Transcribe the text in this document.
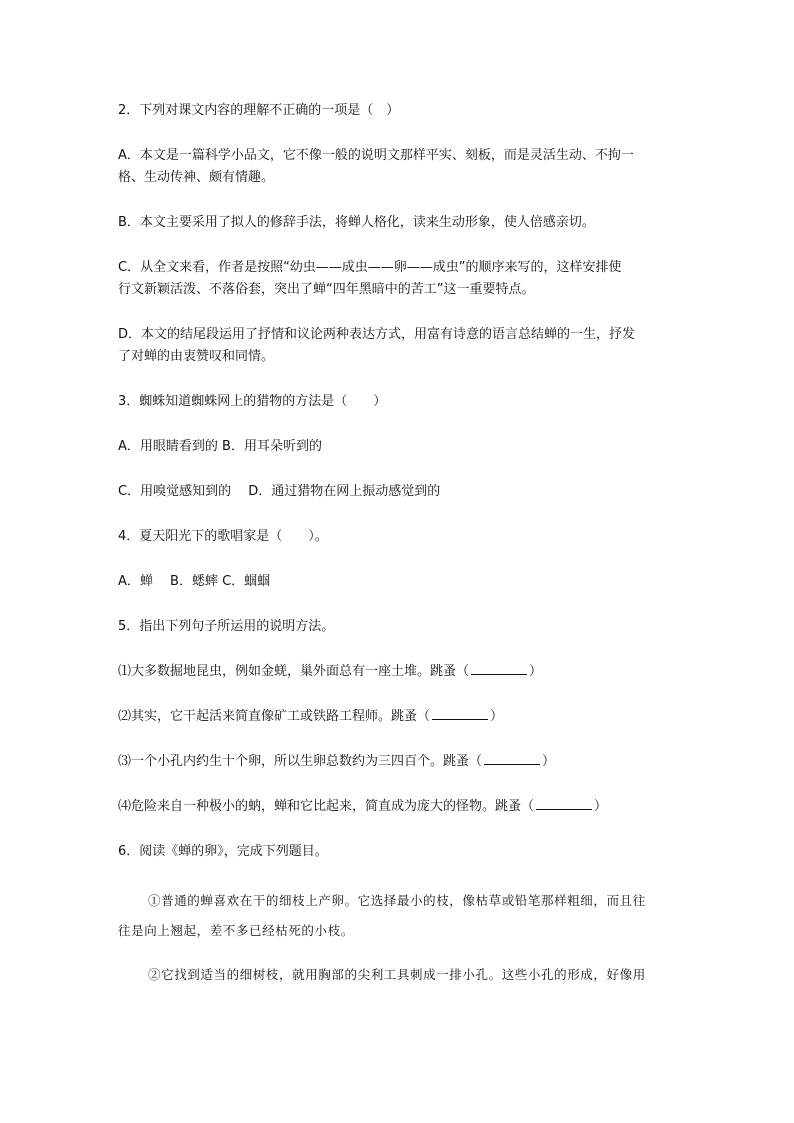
2．下列对课文内容的理解不正确的一项是（　）

A．本文是一篇科学小品文，它不像一般的说明文那样平实、刻板，而是灵活生动、不拘一

格、生动传神、颇有情趣。

B．本文主要采用了拟人的修辞手法，将蝉人格化，读来生动形象，使人倍感亲切。

C．从全文来看，作者是按照“幼虫——成虫——卵——成虫”的顺序来写的，这样安排使

行文新颖活泼、不落俗套，突出了蝉“四年黑暗中的苦工”这一重要特点。

D．本文的结尾段运用了抒情和议论两种表达方式，用富有诗意的语言总结蝉的一生，抒发

了对蝉的由衷赞叹和同情。

3．蜘蛛知道蜘蛛网上的猎物的方法是（　　）

A．用眼睛看到的 B．用耳朵听到的

C．用嗅觉感知到的　 D．通过猎物在网上振动感觉到的

4．夏天阳光下的歌唱家是（　　）。

A．蝉　 B．蟋蟀 C．蝈蝈

5．指出下列句子所运用的说明方法。

⑴大多数掘地昆虫，例如金蜣，巢外面总有一座土堆。跳蚤（	）

⑵其实，它干起活来简直像矿工或铁路工程师。跳蚤（	）

⑶一个小孔内约生十个卵，所以生卵总数约为三四百个。跳蚤（	）

⑷危险来自一种极小的蚋，蝉和它比起来，简直成为庞大的怪物。跳蚤（	）

6．阅读《蝉的卵》，完成下列题目。

①普通的蝉喜欢在干的细枝上产卵。它选择最小的枝，像枯草或铅笔那样粗细，而且往

往是向上翘起，差不多已经枯死的小枝。

②它找到适当的细树枝，就用胸部的尖利工具刺成一排小孔。这些小孔的形成，好像用
